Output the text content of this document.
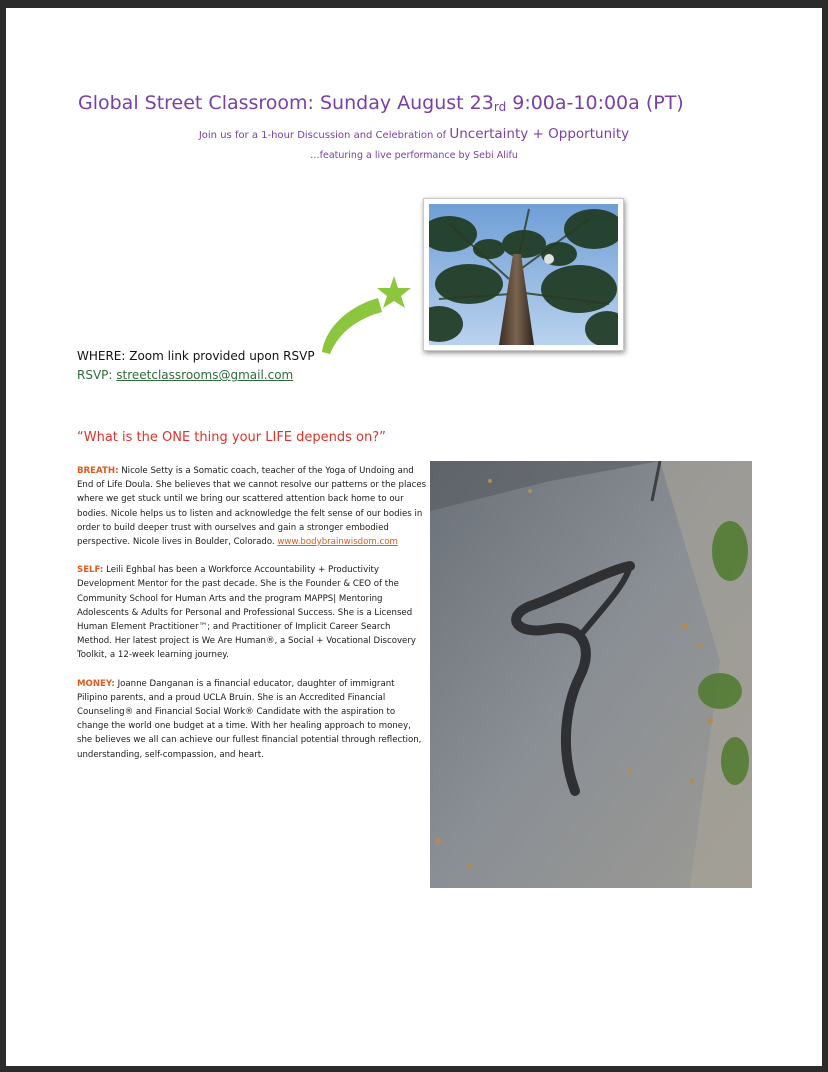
Global Street Classroom: Sunday August 23rd 9:00a-10:00a (PT)
Join us for a 1-hour Discussion and Celebration of Uncertainty + Opportunity
…featuring a live performance by Sebi Alifu
WHERE: Zoom link provided upon RSVP
RSVP: streetclassrooms@gmail.com
“What is the ONE thing your LIFE depends on?”

BREATH: Nicole Setty is a Somatic coach, teacher of the Yoga of Undoing and End of Life Doula. She believes that we cannot resolve our patterns or the places where we get stuck until we bring our scattered attention back home to our bodies. Nicole helps us to listen and acknowledge the felt sense of our bodies in order to build deeper trust with ourselves and gain a stronger embodied perspective. Nicole lives in Boulder, Colorado. www.bodybrainwisdom.com

SELF: Leili Eghbal has been a Workforce Accountability + Productivity Development Mentor for the past decade. She is the Founder & CEO of the Community School for Human Arts and the program MAPPS| Mentoring Adolescents & Adults for Personal and Professional Success. She is a Licensed Human Element Practitioner™; and Practitioner of Implicit Career Search Method. Her latest project is We Are Human®, a Social + Vocational Discovery Toolkit, a 12-week learning journey.

MONEY: Joanne Danganan is a financial educator, daughter of immigrant Pilipino parents, and a proud UCLA Bruin. She is an Accredited Financial Counseling® and Financial Social Work® Candidate with the aspiration to change the world one budget at a time. With her healing approach to money, she believes we all can achieve our fullest financial potential through reflection, understanding, self-compassion, and heart.
